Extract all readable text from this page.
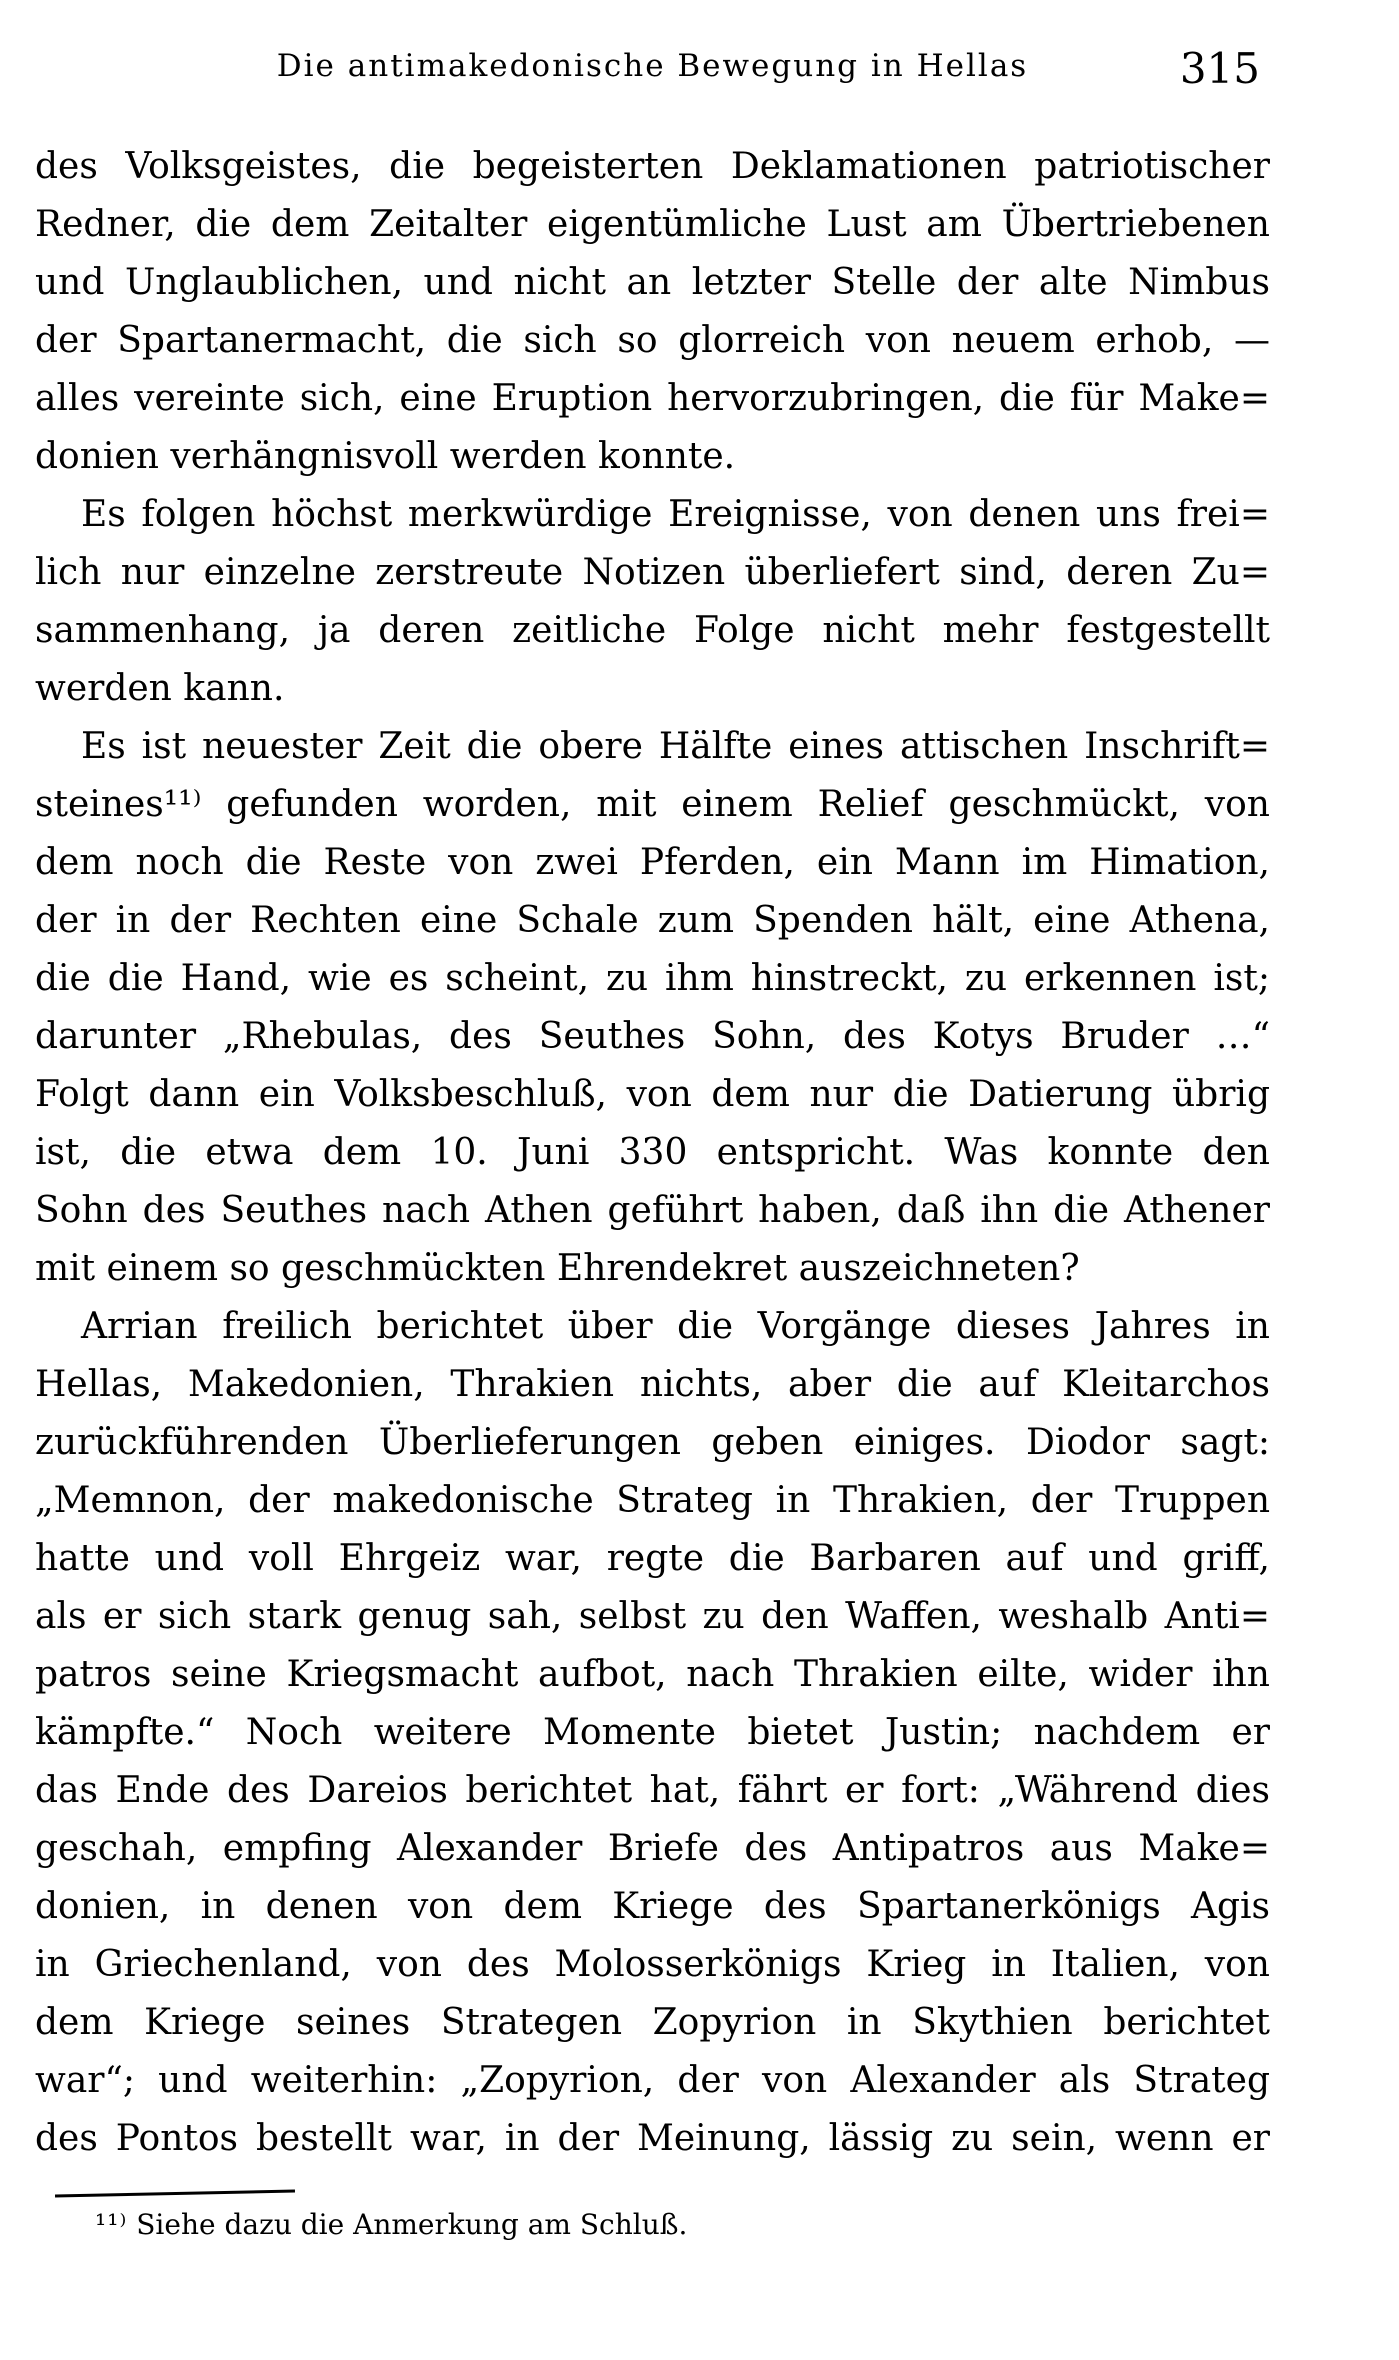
Die antimakedonische Bewegung in Hellas	315
des Volksgeistes, die begeisterten Deklamationen patriotischer
Redner, die dem Zeitalter eigentümliche Lust am Übertriebenen
und Unglaublichen, und nicht an letzter Stelle der alte Nimbus
der Spartanermacht, die sich so glorreich von neuem erhob, —
alles vereinte sich, eine Eruption hervorzubringen, die für Make=
donien verhängnisvoll werden konnte.
Es folgen höchst merkwürdige Ereignisse, von denen uns frei=
lich nur einzelne zerstreute Notizen überliefert sind, deren Zu=
sammenhang, ja deren zeitliche Folge nicht mehr festgestellt
werden kann.
Es ist neuester Zeit die obere Hälfte eines attischen Inschrift=
steines¹¹⁾ gefunden worden, mit einem Relief geschmückt, von
dem noch die Reste von zwei Pferden, ein Mann im Himation,
der in der Rechten eine Schale zum Spenden hält, eine Athena,
die die Hand, wie es scheint, zu ihm hinstreckt, zu erkennen ist;
darunter „Rhebulas, des Seuthes Sohn, des Kotys Bruder …“
Folgt dann ein Volksbeschluß, von dem nur die Datierung übrig
ist, die etwa dem 10. Juni 330 entspricht. Was konnte den
Sohn des Seuthes nach Athen geführt haben, daß ihn die Athener
mit einem so geschmückten Ehrendekret auszeichneten?
Arrian freilich berichtet über die Vorgänge dieses Jahres in
Hellas, Makedonien, Thrakien nichts, aber die auf Kleitarchos
zurückführenden Überlieferungen geben einiges. Diodor sagt:
„Memnon, der makedonische Strateg in Thrakien, der Truppen
hatte und voll Ehrgeiz war, regte die Barbaren auf und griff,
als er sich stark genug sah, selbst zu den Waffen, weshalb Anti=
patros seine Kriegsmacht aufbot, nach Thrakien eilte, wider ihn
kämpfte.“ Noch weitere Momente bietet Justin; nachdem er
das Ende des Dareios berichtet hat, fährt er fort: „Während dies
geschah, empfing Alexander Briefe des Antipatros aus Make=
donien, in denen von dem Kriege des Spartanerkönigs Agis
in Griechenland, von des Molosserkönigs Krieg in Italien, von
dem Kriege seines Strategen Zopyrion in Skythien berichtet
war“; und weiterhin: „Zopyrion, der von Alexander als Strateg
des Pontos bestellt war, in der Meinung, lässig zu sein, wenn er
¹¹⁾ Siehe dazu die Anmerkung am Schluß.
